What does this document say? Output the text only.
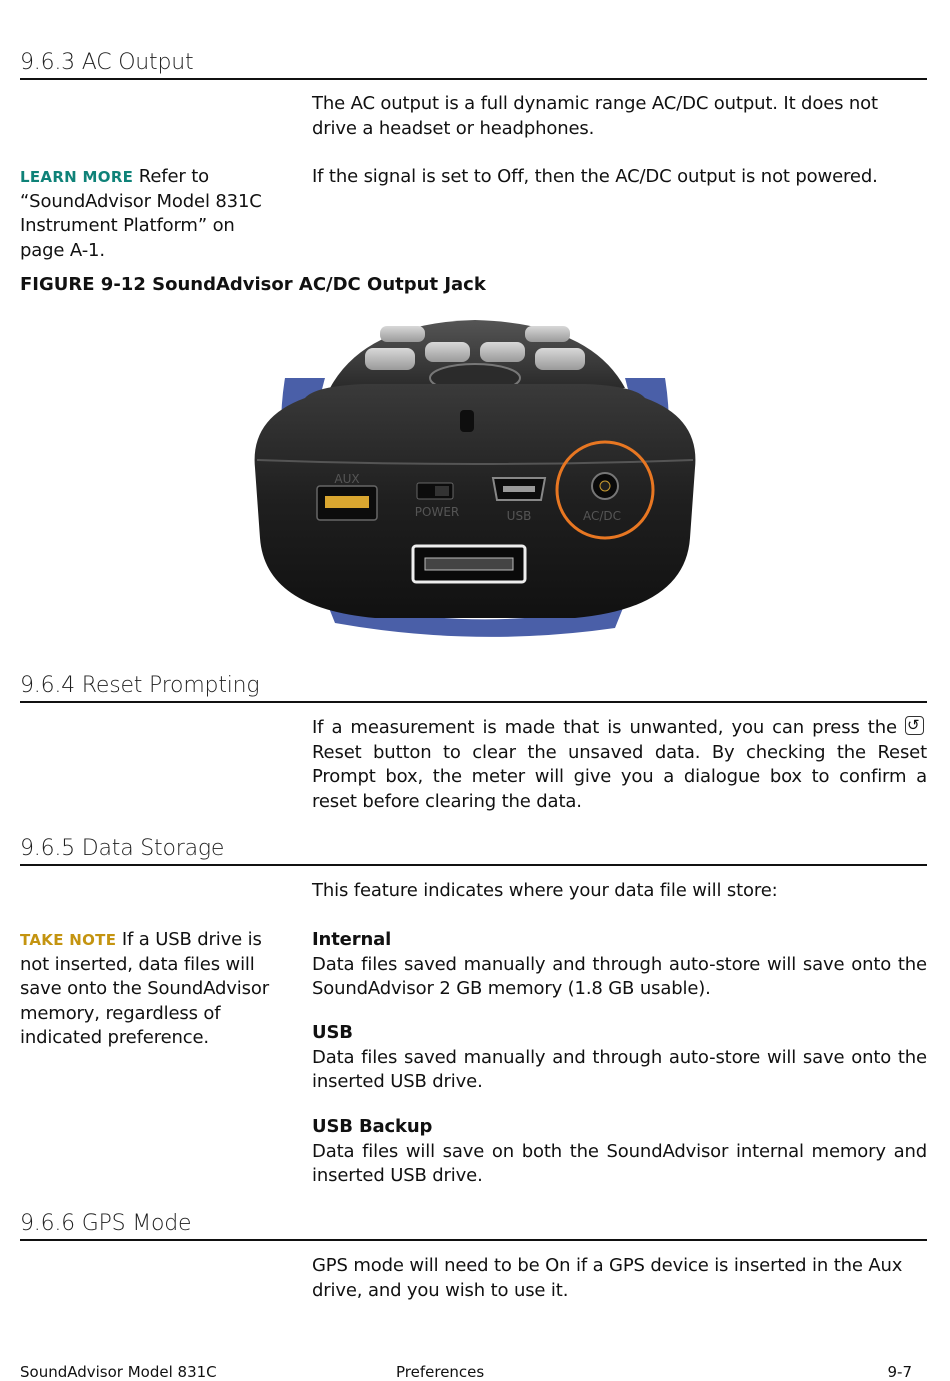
9.6.3 AC Output
The AC output is a full dynamic range AC/DC output. It does not drive a headset or headphones.
If the signal is set to Off, then the AC/DC output is not powered.
LEARN MORE Refer to “SoundAdvisor Model 831C Instrument Platform” on page A-1.
FIGURE 9-12 SoundAdvisor AC/DC Output Jack
AUX
POWER	USB	AC/DC
9.6.4 Reset Prompting
If a measurement is made that is unwanted, you can press the ↺Reset button to clear the unsaved data. By checking the Reset Prompt box, the meter will give you a dialogue box to confirm a reset before clearing the data.
9.6.5 Data Storage
This feature indicates where your data file will store:
TAKE NOTE If a USB drive is not inserted, data files will save onto the SoundAdvisor memory, regardless of indicated preference.
Internal
Data files saved manually and through auto-store will save onto the SoundAdvisor 2 GB memory (1.8 GB usable).
USB
Data files saved manually and through auto-store will save onto the inserted USB drive.
USB Backup
Data files will save on both the SoundAdvisor internal memory and inserted USB drive.
9.6.6 GPS Mode
GPS mode will need to be On if a GPS device is inserted in the Aux drive, and you wish to use it.
SoundAdvisor Model 831C	Preferences	9-7
